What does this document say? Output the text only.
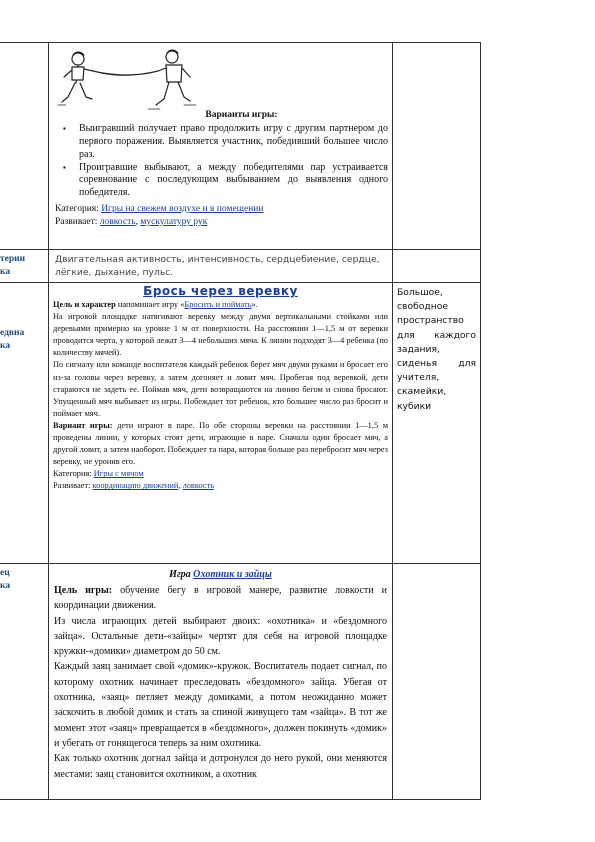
терии
ка
едвна
ка
ец
ка

Варианты игры:

▪ Выигравший получает право продолжить игру с другим партнером до первого поражения. Выявляется участник, победивший большее число раз.
▪ Проигравшие выбывают, а между победителями пар устраивается соревнование с последующим выбыванием до выявления одного победителя.

Категория: Игры на свежем воздухе и в помещении

Развивает: ловкость, мускулатуру рук

Двигательная активность, интенсивность, сердцебиение, сердце, лёгкие, дыхание, пульс.

Брось через веревку

Цель и характер напоминает игру «Бросить и поймать».

На игровой площадке натягивают веревку между двумя вертикальными стойками или деревьями примерно на уровне 1 м от поверхности. На расстоянии 1—1,5 м от веревки проводится черта, у которой лежат 3—4 небольших мяча. К линии подходят 3—4 ребенка (по количеству мячей).

По сигналу или команде воспитателя каждый ребенок берет мяч двумя руками и бросает его из-за головы через веревку, а затем догоняет и ловит мяч. Пробегая под веревкой, дети стараются не задеть ее. Поймав мяч, дети возвращаются на линию бегом и снова бросают. Упущенный мяч выбывает из игры. Побеждает тот ребенок, кто большее число раз бросит и поймает мяч.

Вариант игры: дети играют в паре. По обе стороны веревки на расстоянии 1—1,5 м проведены линии, у которых стоят дети, играющие в паре. Сначала один бросает мяч, а другой ловит, а затем наоборот. Побеждает та пара, которая больше раз перебросит мяч через веревку, не уронив его.

Категория: Игры с мячом

Развивает: координацию движений, ловкость

Большое, свободное пространство для каждого задания, сиденья для учителя, скамейки, кубики

Игра Охотник и зайцы

Цель игры: обучение бегу в игровой манере, развитие ловкости и координации движения.

Из числа играющих детей выбирают двоих: «охотника» и «бездомного зайца». Остальные дети-«зайцы» чертят для себя на игровой площадке кружки-«домики» диаметром до 50 см.

Каждый заяц занимает свой «домик»-кружок. Воспитатель подает сигнал, по которому охотник начинает преследовать «бездомного» зайца. Убегая от охотника, «заяц» петляет между домиками, а потом неожиданно может заскочить в любой домик и стать за спиной живущего там «зайца». В тот же момент этот «заяц» превращается в «бездомного», должен покинуть «домик» и убегать от гонящегося теперь за ним охотника.

Как только охотник догнал зайца и дотронулся до него рукой, они меняются местами: заяц становится охотником, а охотник
